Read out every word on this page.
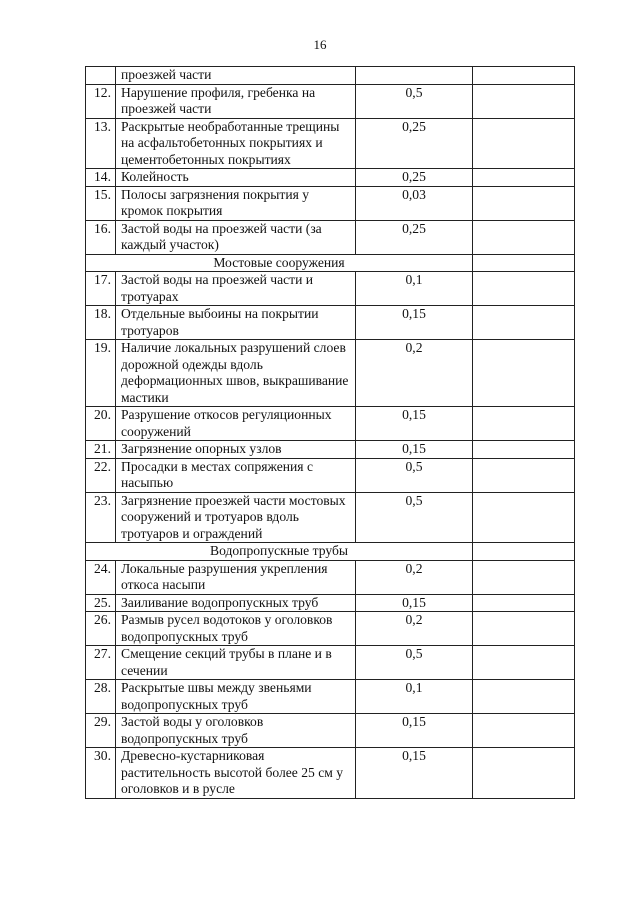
16
	проезжей части		
12.	Нарушение профиля, гребенка на проезжей части	0,5	
13.	Раскрытые необработанные трещины на асфальтобетонных покрытиях и цементобетонных покрытиях	0,25	
14.	Колейность	0,25	
15.	Полосы загрязнения покрытия у кромок покрытия	0,03	
16.	Застой воды на проезжей части (за каждый участок)	0,25	
Мостовые сооружения			
17.	Застой воды на проезжей части и тротуарах	0,1	
18.	Отдельные выбоины на покрытии тротуаров	0,15	
19.	Наличие локальных разрушений слоев дорожной одежды вдоль деформационных швов, выкрашивание мастики	0,2	
20.	Разрушение откосов регуляционных сооружений	0,15	
21.	Загрязнение опорных узлов	0,15	
22.	Просадки в местах сопряжения с насыпью	0,5	
23.	Загрязнение проезжей части мостовых сооружений и тротуаров вдоль тротуаров и ограждений	0,5	
Водопропускные трубы			
24.	Локальные разрушения укрепления откоса насыпи	0,2	
25.	Заиливание водопропускных труб	0,15	
26.	Размыв русел водотоков у оголовков водопропускных труб	0,2	
27.	Смещение секций трубы в плане и в сечении	0,5	
28.	Раскрытые швы между звеньями водопропускных труб	0,1	
29.	Застой воды у оголовков водопропускных труб	0,15	
30.	Древесно-кустарниковая растительность высотой более 25 см у оголовков и в русле	0,15	
